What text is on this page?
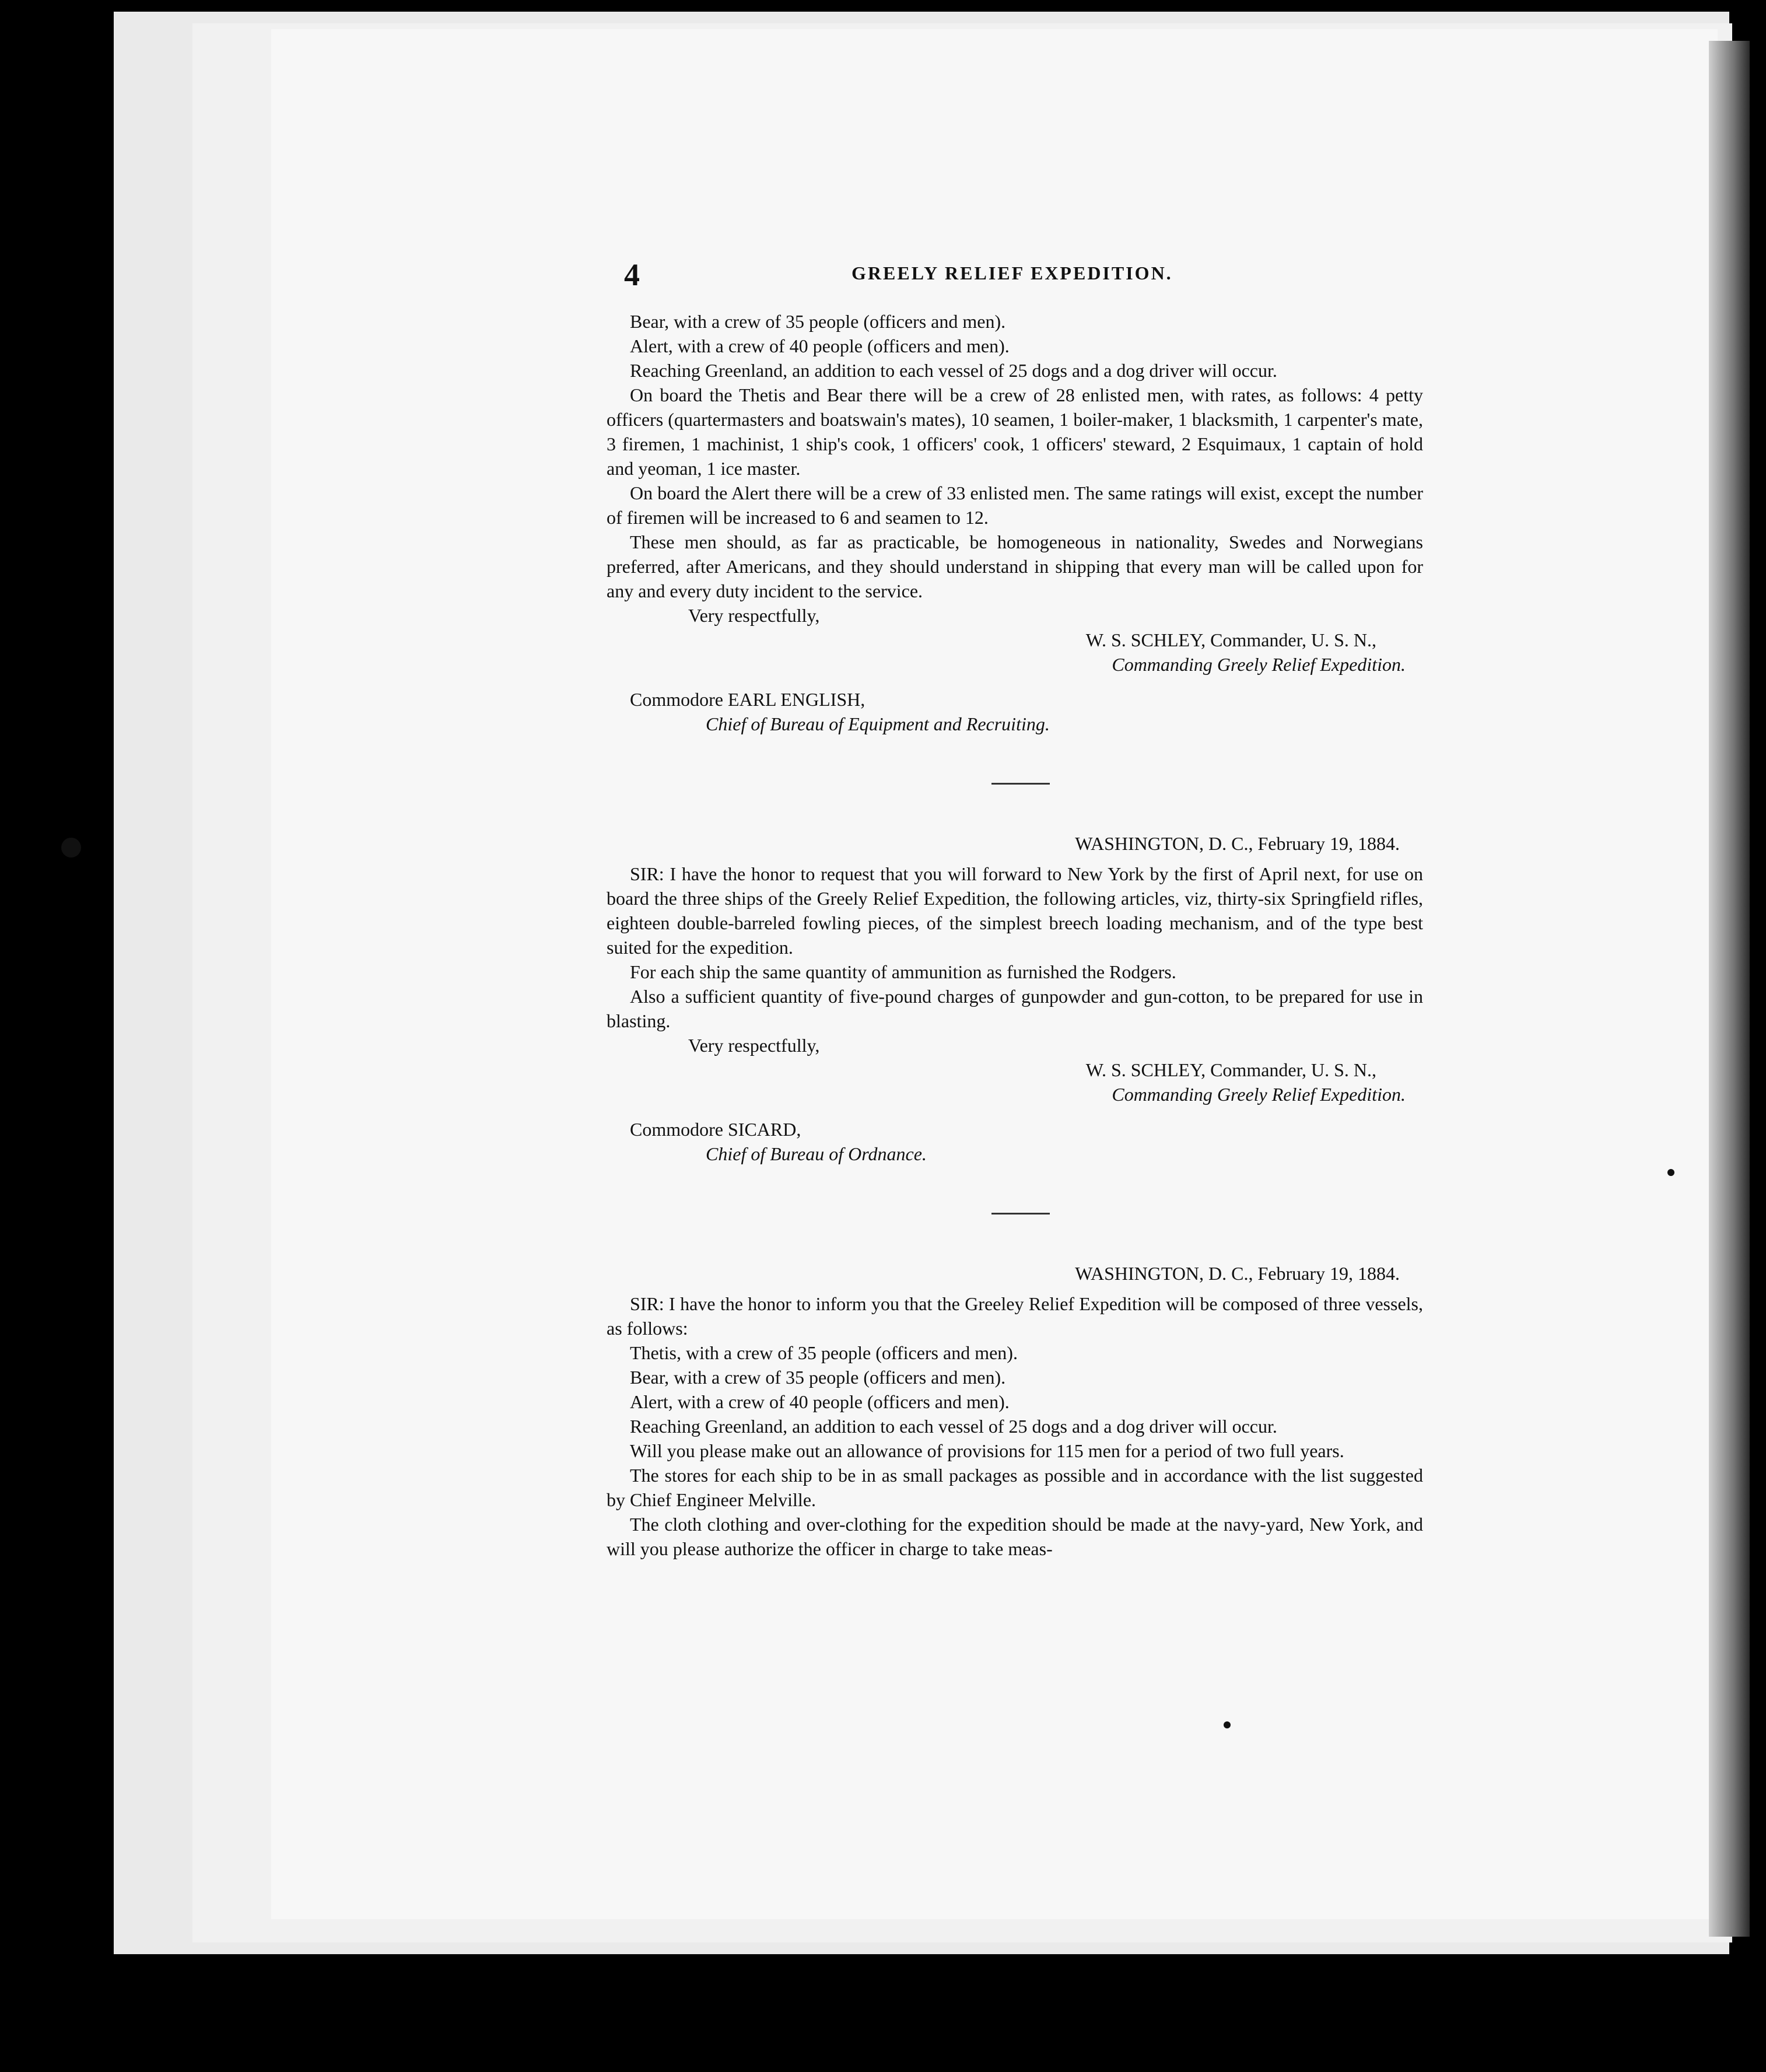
4	GREELY RELIEF EXPEDITION.

Bear, with a crew of 35 people (officers and men).

Alert, with a crew of 40 people (officers and men).

Reaching Greenland, an addition to each vessel of 25 dogs and a dog driver will occur.

On board the Thetis and Bear there will be a crew of 28 enlisted men, with rates, as follows: 4 petty officers (quartermasters and boatswain's mates), 10 seamen, 1 boiler-maker, 1 blacksmith, 1 carpenter's mate, 3 firemen, 1 machinist, 1 ship's cook, 1 officers' cook, 1 officers' steward, 2 Esquimaux, 1 captain of hold and yeoman, 1 ice master.

On board the Alert there will be a crew of 33 enlisted men. The same ratings will exist, except the number of firemen will be increased to 6 and seamen to 12.

These men should, as far as practicable, be homogeneous in nationality, Swedes and Norwegians preferred, after Americans, and they should understand in shipping that every man will be called upon for any and every duty incident to the service.

Very respectfully,

W. S. SCHLEY, Commander, U. S. N.,

Commanding Greely Relief Expedition.

Commodore EARL ENGLISH,

Chief of Bureau of Equipment and Recruiting.

WASHINGTON, D. C., February 19, 1884.

SIR: I have the honor to request that you will forward to New York by the first of April next, for use on board the three ships of the Greely Relief Expedition, the following articles, viz, thirty-six Springfield rifles, eighteen double-barreled fowling pieces, of the simplest breech loading mechanism, and of the type best suited for the expedition.

For each ship the same quantity of ammunition as furnished the Rodgers.

Also a sufficient quantity of five-pound charges of gunpowder and gun-cotton, to be prepared for use in blasting.

Very respectfully,

W. S. SCHLEY, Commander, U. S. N.,

Commanding Greely Relief Expedition.

Commodore SICARD,

Chief of Bureau of Ordnance.

WASHINGTON, D. C., February 19, 1884.

SIR: I have the honor to inform you that the Greeley Relief Expedition will be composed of three vessels, as follows:

Thetis, with a crew of 35 people (officers and men).

Bear, with a crew of 35 people (officers and men).

Alert, with a crew of 40 people (officers and men).

Reaching Greenland, an addition to each vessel of 25 dogs and a dog driver will occur.

Will you please make out an allowance of provisions for 115 men for a period of two full years.

The stores for each ship to be in as small packages as possible and in accordance with the list suggested by Chief Engineer Melville.

The cloth clothing and over-clothing for the expedition should be made at the navy-yard, New York, and will you please authorize the officer in charge to take meas-
